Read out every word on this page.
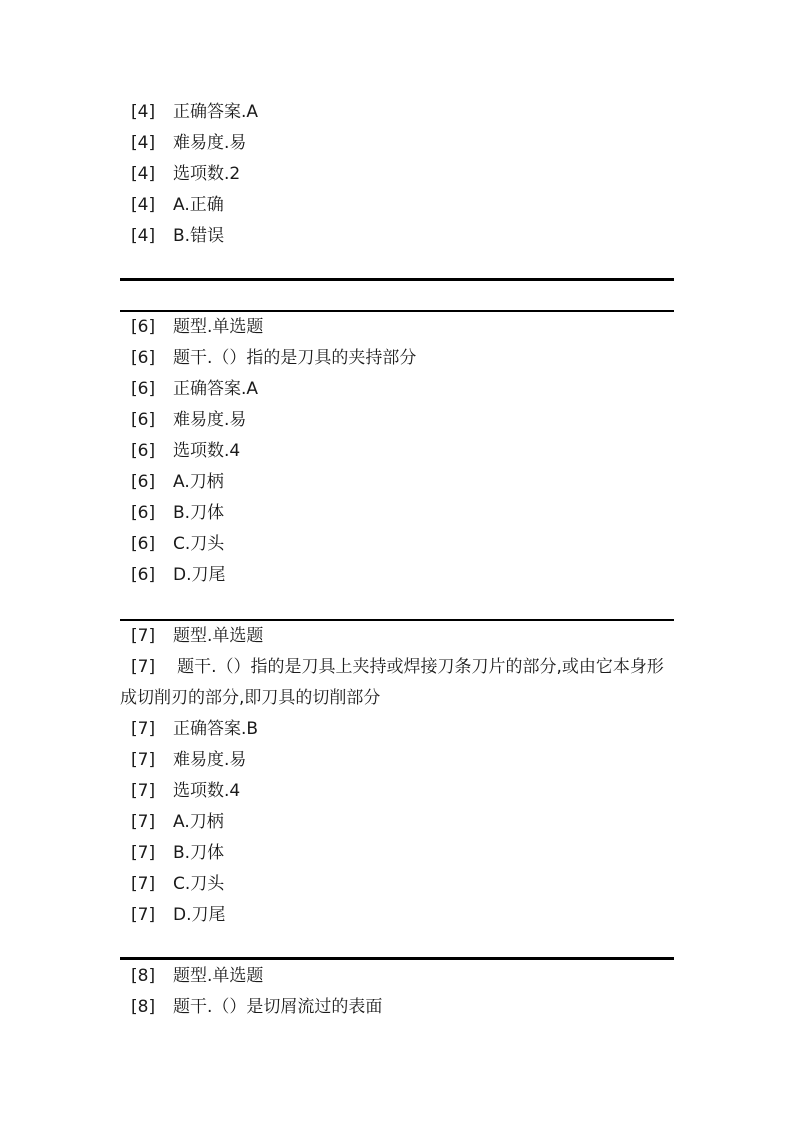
[4] 正确答案.A
[4] 难易度.易
[4] 选项数.2
[4] A.正确
[4] B.错误
[6] 题型.单选题
[6] 题干.（）指的是刀具的夹持部分
[6] 正确答案.A
[6] 难易度.易
[6] 选项数.4
[6] A.刀柄
[6] B.刀体
[6] C.刀头
[6] D.刀尾
[7] 题型.单选题
[7] 题干.（）指的是刀具上夹持或焊接刀条刀片的部分,或由它本身形成切削刃的部分,即刀具的切削部分
[7] 正确答案.B
[7] 难易度.易
[7] 选项数.4
[7] A.刀柄
[7] B.刀体
[7] C.刀头
[7] D.刀尾
[8] 题型.单选题
[8] 题干.（）是切屑流过的表面
